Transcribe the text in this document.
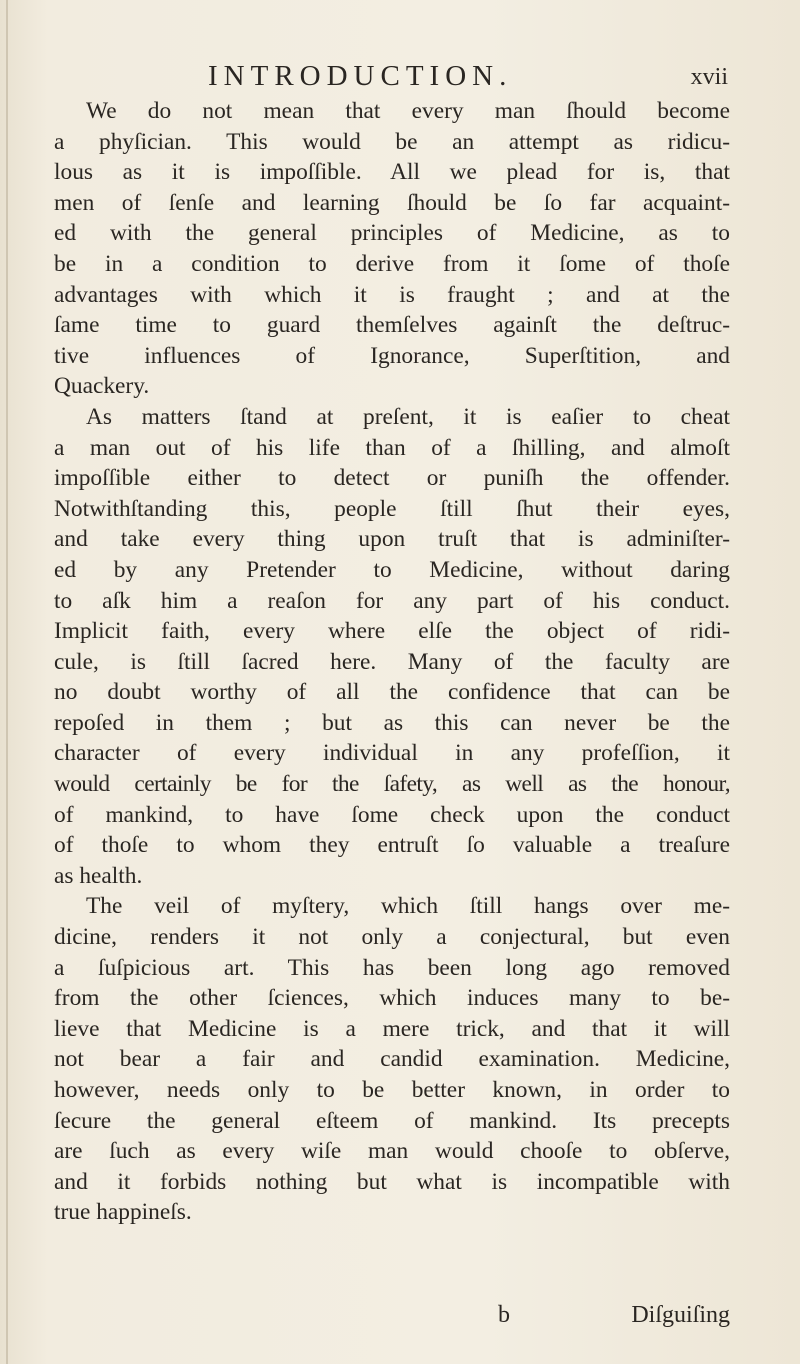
INTRODUCTION.	xvii
We do not mean that every man ſhould become
a phyſician. This would be an attempt as ridicu-
lous as it is impoſſible. All we plead for is, that
men of ſenſe and learning ſhould be ſo far acquaint-
ed with the general principles of Medicine, as to
be in a condition to derive from it ſome of thoſe
advantages with which it is fraught ; and at the
ſame time to guard themſelves againſt the deſtruc-
tive influences of Ignorance, Superſtition, and
Quackery.
As matters ſtand at preſent, it is eaſier to cheat
a man out of his life than of a ſhilling, and almoſt
impoſſible either to detect or puniſh the offender.
Notwithſtanding this, people ſtill ſhut their eyes,
and take every thing upon truſt that is adminiſter-
ed by any Pretender to Medicine, without daring
to aſk him a reaſon for any part of his conduct.
Implicit faith, every where elſe the object of ridi-
cule, is ſtill ſacred here. Many of the faculty are
no doubt worthy of all the confidence that can be
repoſed in them ; but as this can never be the
character of every individual in any profeſſion, it
would certainly be for the ſafety, as well as the honour,
of mankind, to have ſome check upon the conduct
of thoſe to whom they entruſt ſo valuable a treaſure
as health.
The veil of myſtery, which ſtill hangs over me-
dicine, renders it not only a conjectural, but even
a ſuſpicious art. This has been long ago removed
from the other ſciences, which induces many to be-
lieve that Medicine is a mere trick, and that it will
not bear a fair and candid examination. Medicine,
however, needs only to be better known, in order to
ſecure the general eſteem of mankind. Its precepts
are ſuch as every wiſe man would chooſe to obſerve,
and it forbids nothing but what is incompatible with
true happineſs.
b	Diſguiſing
